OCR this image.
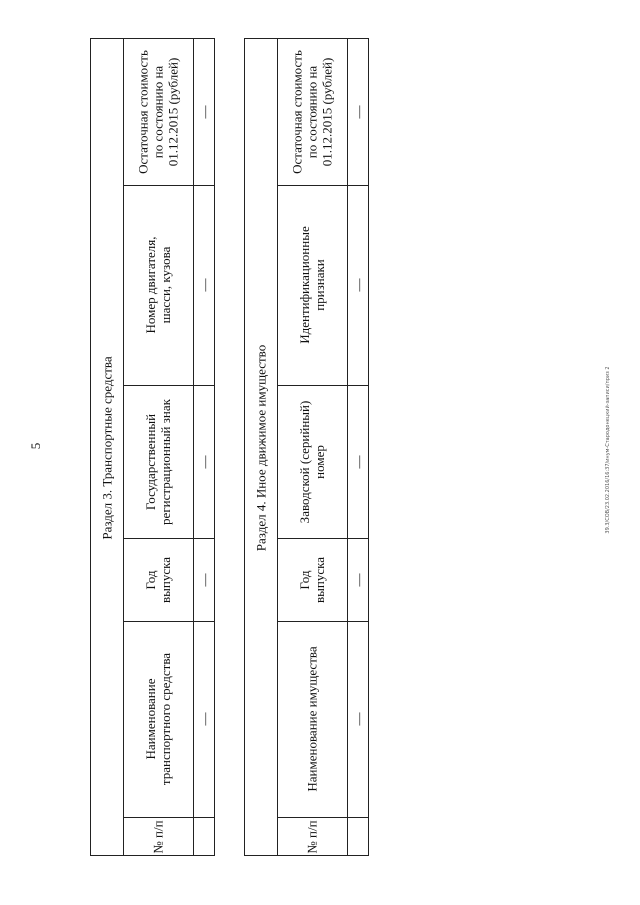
5	39.3/СОВ/23.02.2016/16:37/инум-Стародонецкий-записи/приз 2
Раздел 3. Транспортные средства
Остаточная стоимость по состоянию на 01.12.2015 (рублей)
Номер двигателя, шасси, кузова
Государственный регистрационный знак
Год выпуска
Наименование транспортного средства
№ п/п
—
—
—
—
—
Раздел 4. Иное движимое имущество
Остаточная стоимость по состоянию на 01.12.2015 (рублей)
Идентификационные признаки
Заводской (серийный) номер
Год выпуска
Наименование имущества
№ п/п
—
—
—
—
—
